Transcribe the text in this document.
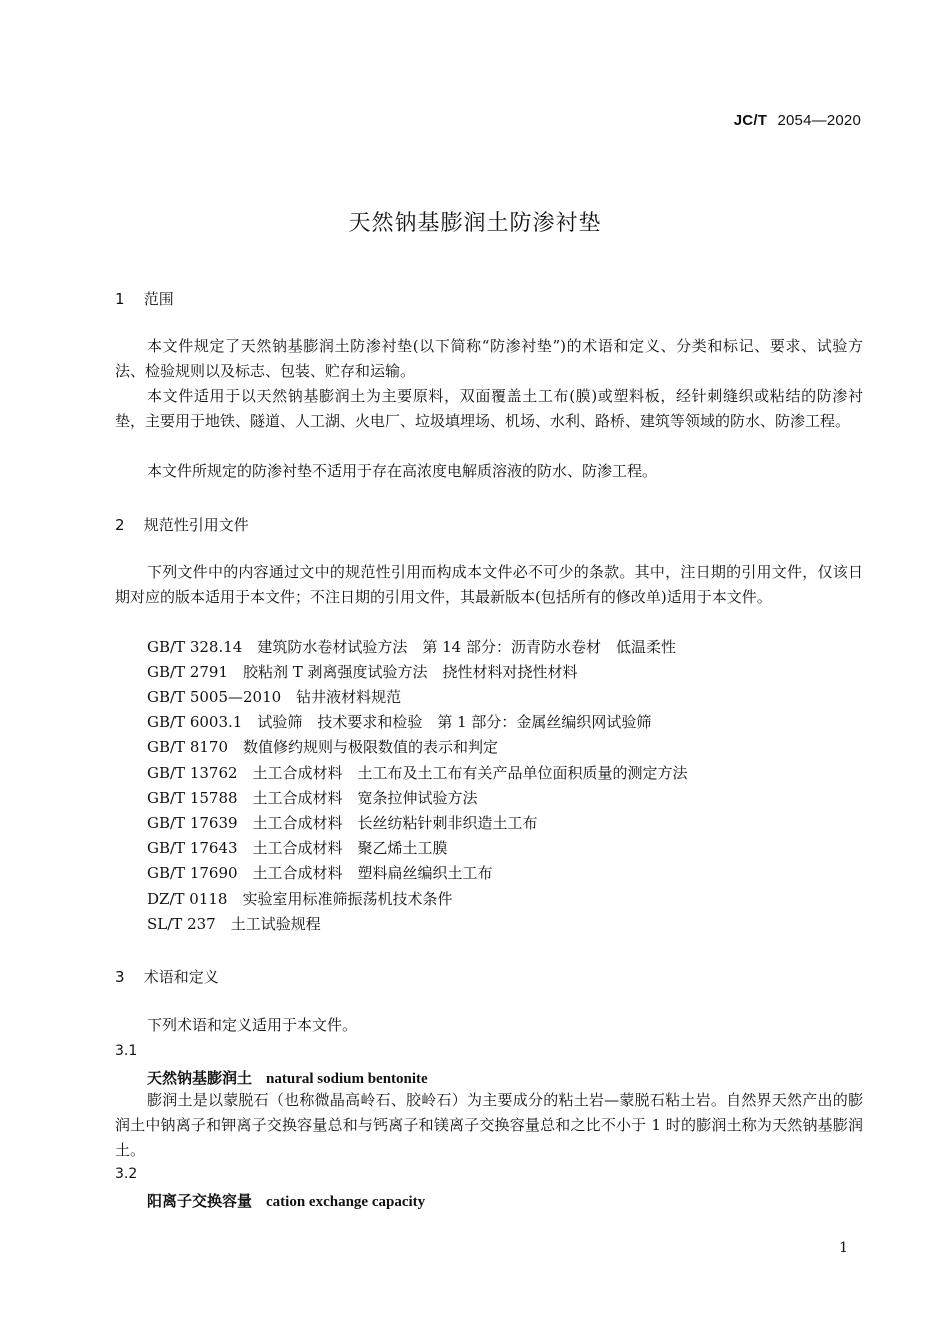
JC/T 2054—2020
天然钠基膨润土防渗衬垫
1 范围
本文件规定了天然钠基膨润土防渗衬垫(以下简称“防渗衬垫”)的术语和定义、分类和标记、要求、试验方法、检验规则以及标志、包装、贮存和运输。
本文件适用于以天然钠基膨润土为主要原料，双面覆盖土工布(膜)或塑料板，经针刺缝织或粘结的防渗衬垫，主要用于地铁、隧道、人工湖、火电厂、垃圾填埋场、机场、水利、路桥、建筑等领域的防水、防渗工程。
本文件所规定的防渗衬垫不适用于存在高浓度电解质溶液的防水、防渗工程。
2 规范性引用文件
下列文件中的内容通过文中的规范性引用而构成本文件必不可少的条款。其中，注日期的引用文件，仅该日期对应的版本适用于本文件；不注日期的引用文件，其最新版本(包括所有的修改单)适用于本文件。
GB/T 328.14　建筑防水卷材试验方法　第 14 部分：沥青防水卷材　低温柔性
GB/T 2791　胶粘剂 T 剥离强度试验方法　挠性材料对挠性材料
GB/T 5005—2010　钻井液材料规范
GB/T 6003.1　试验筛　技术要求和检验　第 1 部分：金属丝编织网试验筛
GB/T 8170　数值修约规则与极限数值的表示和判定
GB/T 13762　土工合成材料　土工布及土工布有关产品单位面积质量的测定方法
GB/T 15788　土工合成材料　宽条拉伸试验方法
GB/T 17639　土工合成材料　长丝纺粘针刺非织造土工布
GB/T 17643　土工合成材料　聚乙烯土工膜
GB/T 17690　土工合成材料　塑料扁丝编织土工布
DZ/T 0118　实验室用标准筛振荡机技术条件
SL/T 237　土工试验规程
3 术语和定义
下列术语和定义适用于本文件。
3.1
天然钠基膨润土 natural sodium bentonite
膨润土是以蒙脱石（也称微晶高岭石、胶岭石）为主要成分的粘土岩—蒙脱石粘土岩。自然界天然产出的膨润土中钠离子和钾离子交换容量总和与钙离子和镁离子交换容量总和之比不小于 1 时的膨润土称为天然钠基膨润土。
3.2
阳离子交换容量 cation exchange capacity
1
